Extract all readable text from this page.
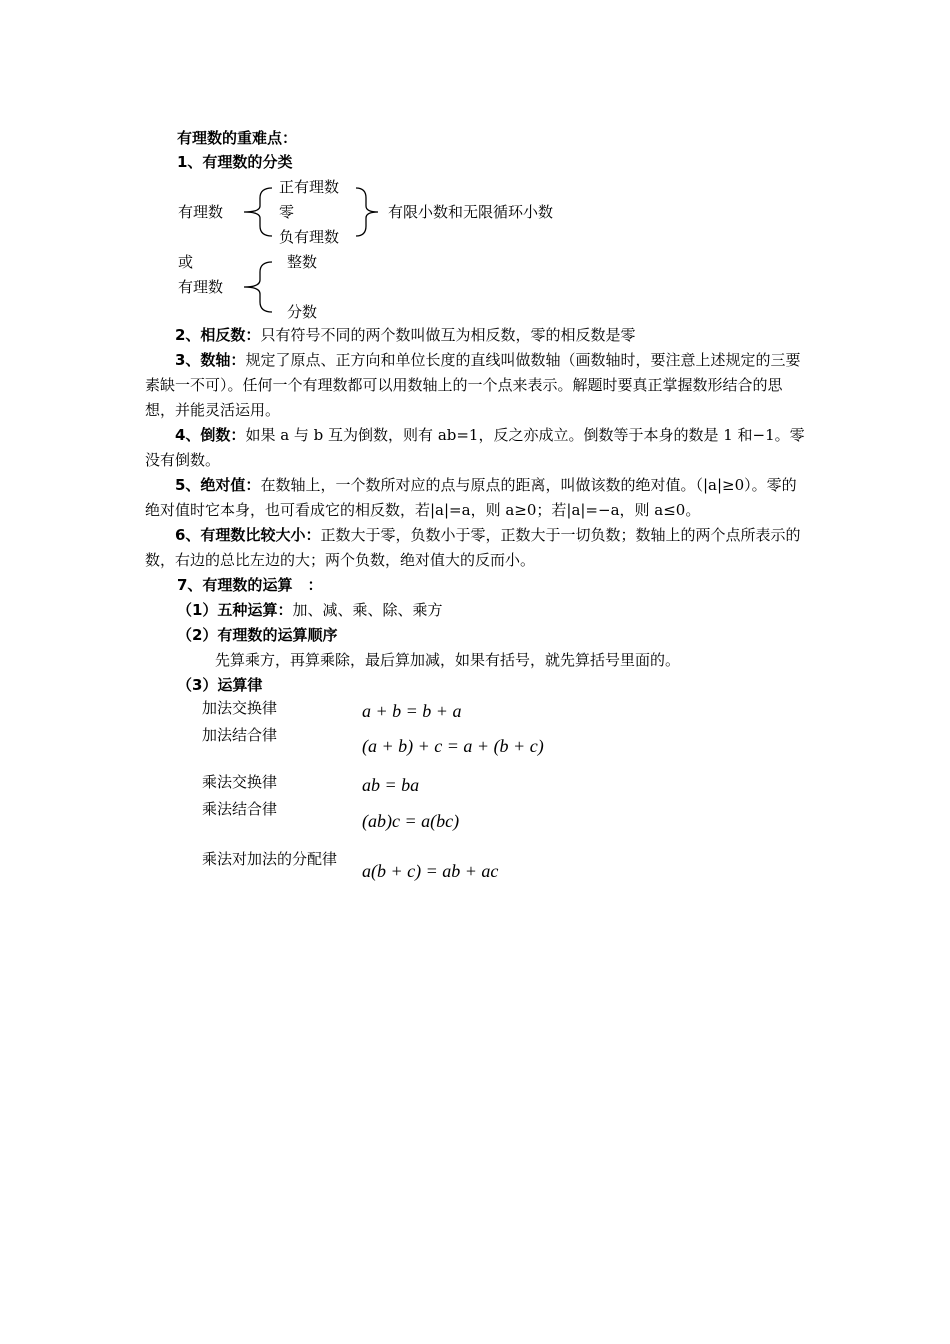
有理数的重难点：
1、有理数的分类
有理数
正有理数
零
负有理数
有限小数和无限循环小数
或
有理数
整数
分数
2、相反数：只有符号不同的两个数叫做互为相反数，零的相反数是零
3、数轴：规定了原点、正方向和单位长度的直线叫做数轴（画数轴时，要注意上述规定的三要素缺一不可）。任何一个有理数都可以用数轴上的一个点来表示。解题时要真正掌握数形结合的思想，并能灵活运用。
4、倒数：如果 a 与 b 互为倒数，则有 ab=1，反之亦成立。倒数等于本身的数是 1 和−1。零没有倒数。
5、绝对值：在数轴上，一个数所对应的点与原点的距离，叫做该数的绝对值。（|a|≥0）。零的绝对值时它本身，也可看成它的相反数，若|a|=a，则 a≥0；若|a|=−a，则 a≤0。
6、有理数比较大小：正数大于零，负数小于零，正数大于一切负数；数轴上的两个点所表示的数，右边的总比左边的大；两个负数，绝对值大的反而小。
7、有理数的运算　：
（1）五种运算：加、减、乘、除、乘方
（2）有理数的运算顺序
先算乘方，再算乘除，最后算加减，如果有括号，就先算括号里面的。
（3）运算律
加法交换律	a + b = b + a
加法结合律
(a + b) + c = a + (b + c)
乘法交换律	ab = ba
乘法结合律
(ab)c = a(bc)
乘法对加法的分配律
a(b + c) = ab + ac
